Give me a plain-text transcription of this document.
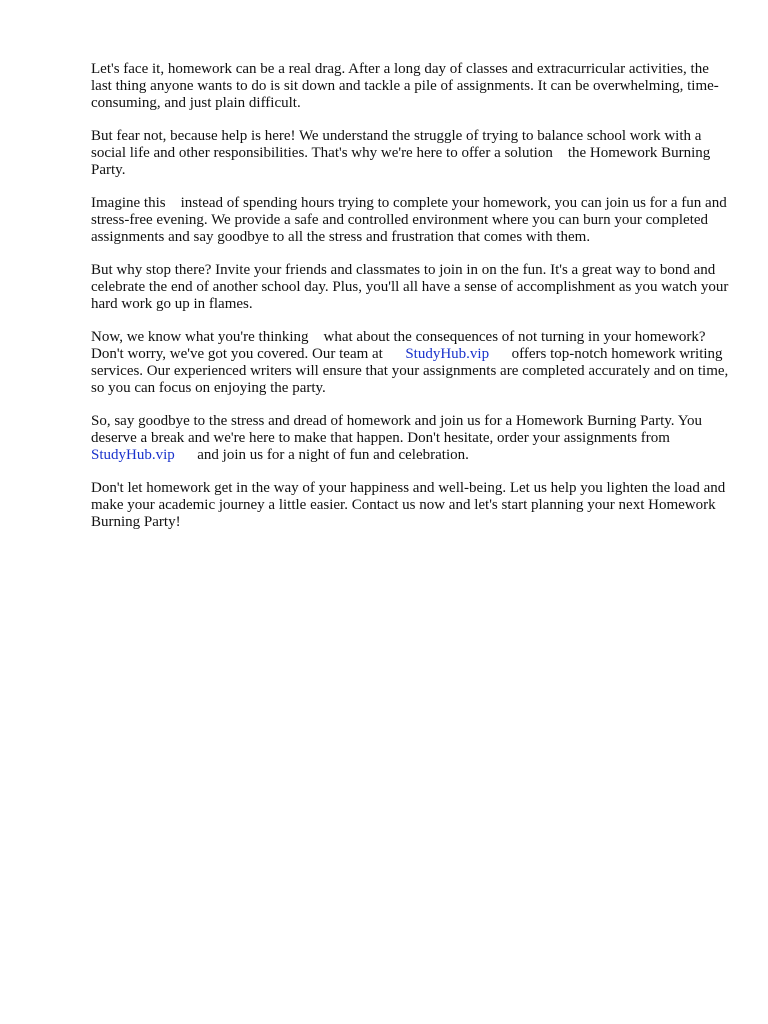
Let's face it, homework can be a real drag. After a long day of classes and extracurricular activities, the last thing anyone wants to do is sit down and tackle a pile of assignments. It can be overwhelming, time-consuming, and just plain difficult.

But fear not, because help is here! We understand the struggle of trying to balance school work with a social life and other responsibilities. That's why we're here to offer a solution    the Homework Burning Party.

Imagine this    instead of spending hours trying to complete your homework, you can join us for a fun and stress-free evening. We provide a safe and controlled environment where you can burn your completed assignments and say goodbye to all the stress and frustration that comes with them.

But why stop there? Invite your friends and classmates to join in on the fun. It's a great way to bond and celebrate the end of another school day. Plus, you'll all have a sense of accomplishment as you watch your hard work go up in flames.

Now, we know what you're thinking    what about the consequences of not turning in your homework? Don't worry, we've got you covered. Our team at      StudyHub.vip      offers top-notch homework writing services. Our experienced writers will ensure that your assignments are completed accurately and on time, so you can focus on enjoying the party.

So, say goodbye to the stress and dread of homework and join us for a Homework Burning Party. You deserve a break and we're here to make that happen. Don't hesitate, order your assignments from      StudyHub.vip      and join us for a night of fun and celebration.

Don't let homework get in the way of your happiness and well-being. Let us help you lighten the load and make your academic journey a little easier. Contact us now and let's start planning your next Homework Burning Party!
